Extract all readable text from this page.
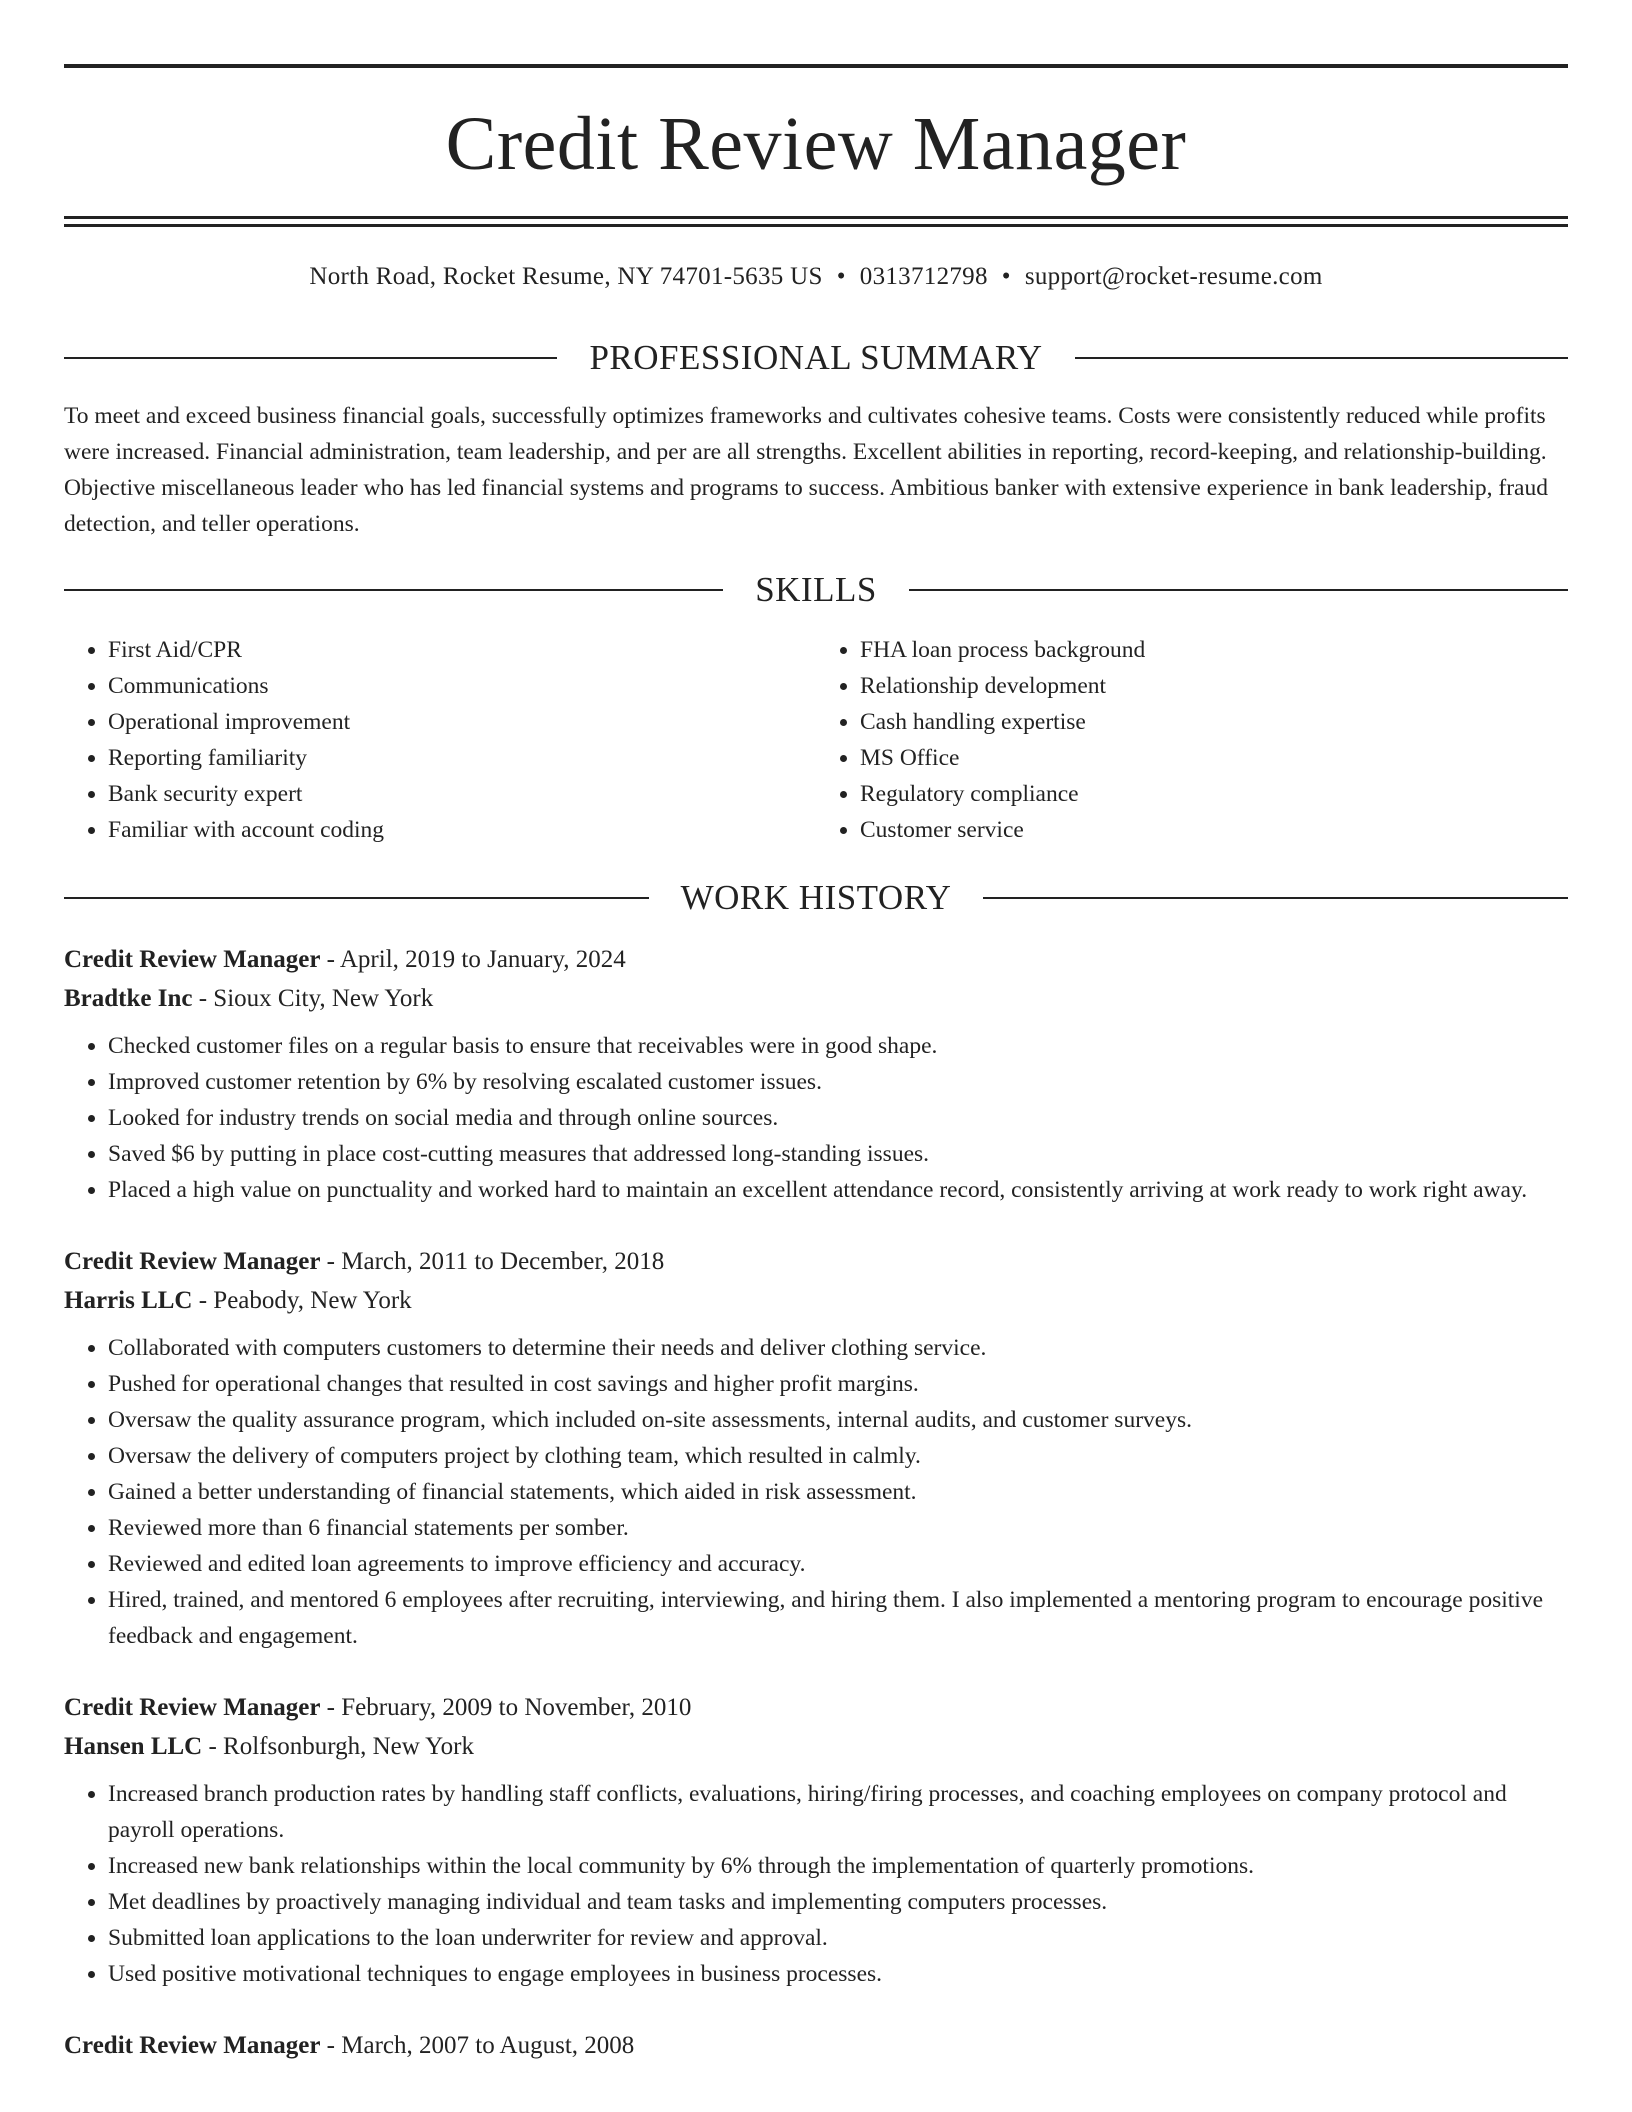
Credit Review Manager
North Road, Rocket Resume, NY 74701-5635 US • 0313712798 • support@rocket-resume.com
PROFESSIONAL SUMMARY
To meet and exceed business financial goals, successfully optimizes frameworks and cultivates cohesive teams. Costs were consistently reduced while profits were increased. Financial administration, team leadership, and per are all strengths. Excellent abilities in reporting, record-keeping, and relationship-building. Objective miscellaneous leader who has led financial systems and programs to success. Ambitious banker with extensive experience in bank leadership, fraud detection, and teller operations.
SKILLS
• First Aid/CPR
• Communications
• Operational improvement
• Reporting familiarity
• Bank security expert
• Familiar with account coding
• FHA loan process background
• Relationship development
• Cash handling expertise
• MS Office
• Regulatory compliance
• Customer service
WORK HISTORY
Credit Review Manager - April, 2019 to January, 2024
Bradtke Inc - Sioux City, New York
• Checked customer files on a regular basis to ensure that receivables were in good shape.
• Improved customer retention by 6% by resolving escalated customer issues.
• Looked for industry trends on social media and through online sources.
• Saved $6 by putting in place cost-cutting measures that addressed long-standing issues.
• Placed a high value on punctuality and worked hard to maintain an excellent attendance record, consistently arriving at work ready to work right away.
Credit Review Manager - March, 2011 to December, 2018
Harris LLC - Peabody, New York
• Collaborated with computers customers to determine their needs and deliver clothing service.
• Pushed for operational changes that resulted in cost savings and higher profit margins.
• Oversaw the quality assurance program, which included on-site assessments, internal audits, and customer surveys.
• Oversaw the delivery of computers project by clothing team, which resulted in calmly.
• Gained a better understanding of financial statements, which aided in risk assessment.
• Reviewed more than 6 financial statements per somber.
• Reviewed and edited loan agreements to improve efficiency and accuracy.
• Hired, trained, and mentored 6 employees after recruiting, interviewing, and hiring them. I also implemented a mentoring program to encourage positive feedback and engagement.
Credit Review Manager - February, 2009 to November, 2010
Hansen LLC - Rolfsonburgh, New York
• Increased branch production rates by handling staff conflicts, evaluations, hiring/firing processes, and coaching employees on company protocol and payroll operations.
• Increased new bank relationships within the local community by 6% through the implementation of quarterly promotions.
• Met deadlines by proactively managing individual and team tasks and implementing computers processes.
• Submitted loan applications to the loan underwriter for review and approval.
• Used positive motivational techniques to engage employees in business processes.
Credit Review Manager - March, 2007 to August, 2008
